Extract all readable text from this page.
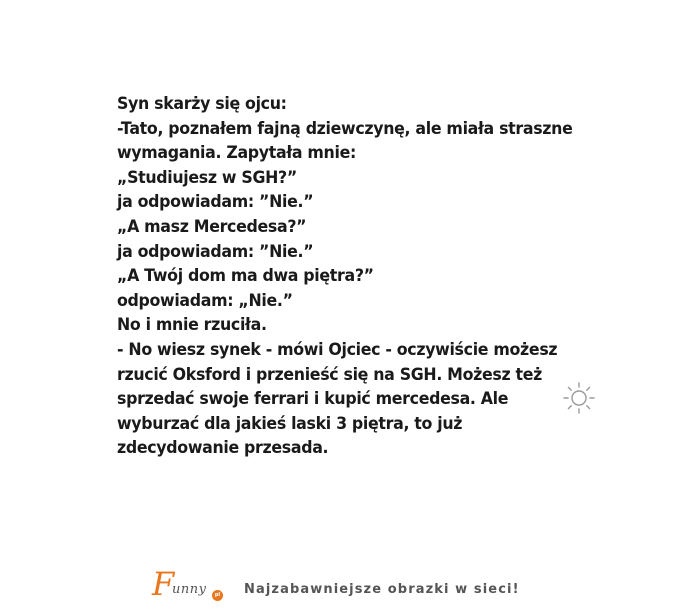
Syn skarży się ojcu:
-Tato, poznałem fajną dziewczynę, ale miała straszne
wymagania. Zapytała mnie:
„Studiujesz w SGH?”
ja odpowiadam: ”Nie.”
„A masz Mercedesa?”
ja odpowiadam: ”Nie.”
„A Twój dom ma dwa piętra?”
odpowiadam: „Nie.”
No i mnie rzuciła.
- No wiesz synek - mówi Ojciec - oczywiście możesz
rzucić Oksford i przenieść się na SGH. Możesz też
sprzedać swoje ferrari i kupić mercedesa. Ale
wyburzać dla jakieś laski 3 piętra, to już
zdecydowanie przesada.
F
unny	pl Najzabawniejsze obrazki w sieci!
